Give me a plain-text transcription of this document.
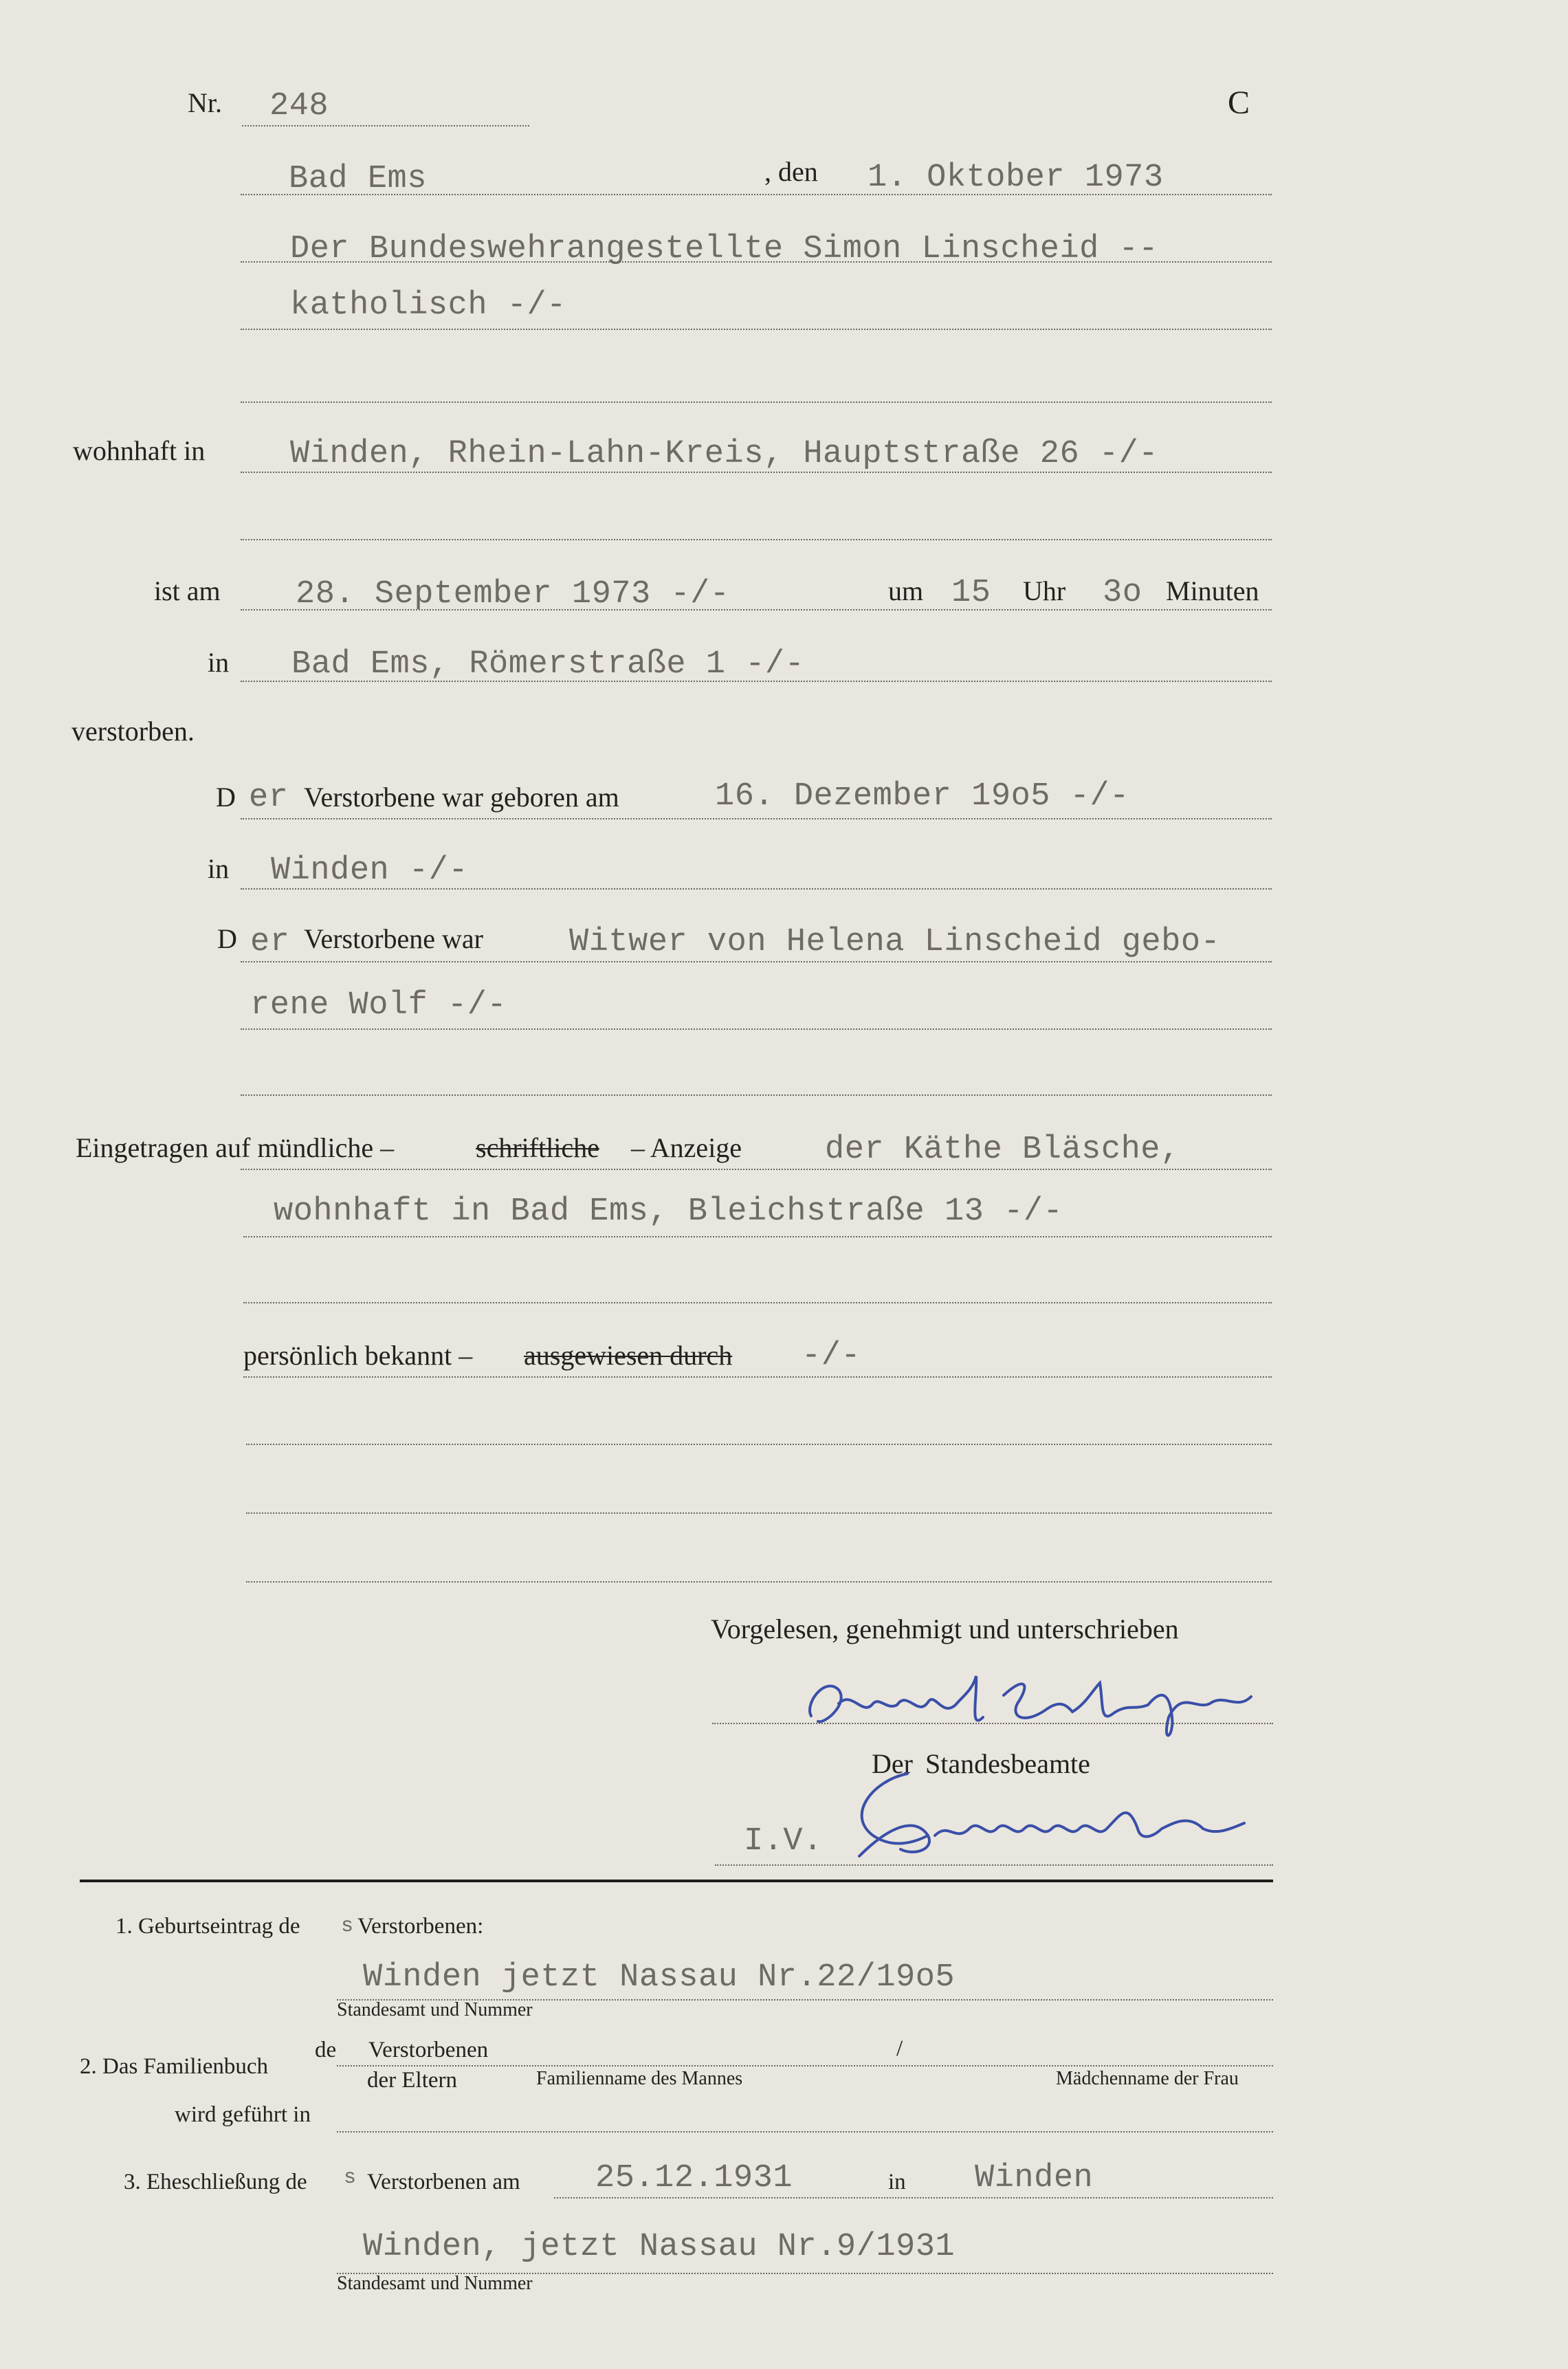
Nr. 248	C
Bad Ems	, den 1. Oktober 1973
Der Bundeswehrangestellte Simon Linscheid --
katholisch -/-
wohnhaft in	Winden, Rhein-Lahn-Kreis, Hauptstraße 26 -/-
ist am 28. September 1973 -/-	um 15 Uhr 3o Minuten
in Bad Ems, Römerstraße 1 -/-
verstorben.
D er Verstorbene war geboren am	16. Dezember 19o5 -/-
in Winden -/-
D er Verstorbene war	Witwer von Helena Linscheid gebo-
rene Wolf -/-
Eingetragen auf mündliche –	schriftliche – Anzeige	der Käthe Bläsche,
wohnhaft in Bad Ems, Bleichstraße 13 -/-
persönlich bekannt – ausgewiesen durch -/-
Vorgelesen, genehmigt und unterschrieben
Der Standesbeamte
I.V.
1. Geburtseintrag de s Verstorbenen:
Winden jetzt Nassau Nr.22/19o5
Standesamt und Nummer
2. Das Familienbuch
de Verstorbenen	/
der Eltern	Familienname des Mannes	Mädchenname der Frau
wird geführt in
3. Eheschließung de s Verstorbenen am 25.12.1931	in Winden
Winden, jetzt Nassau Nr.9/1931
Standesamt und Nummer
